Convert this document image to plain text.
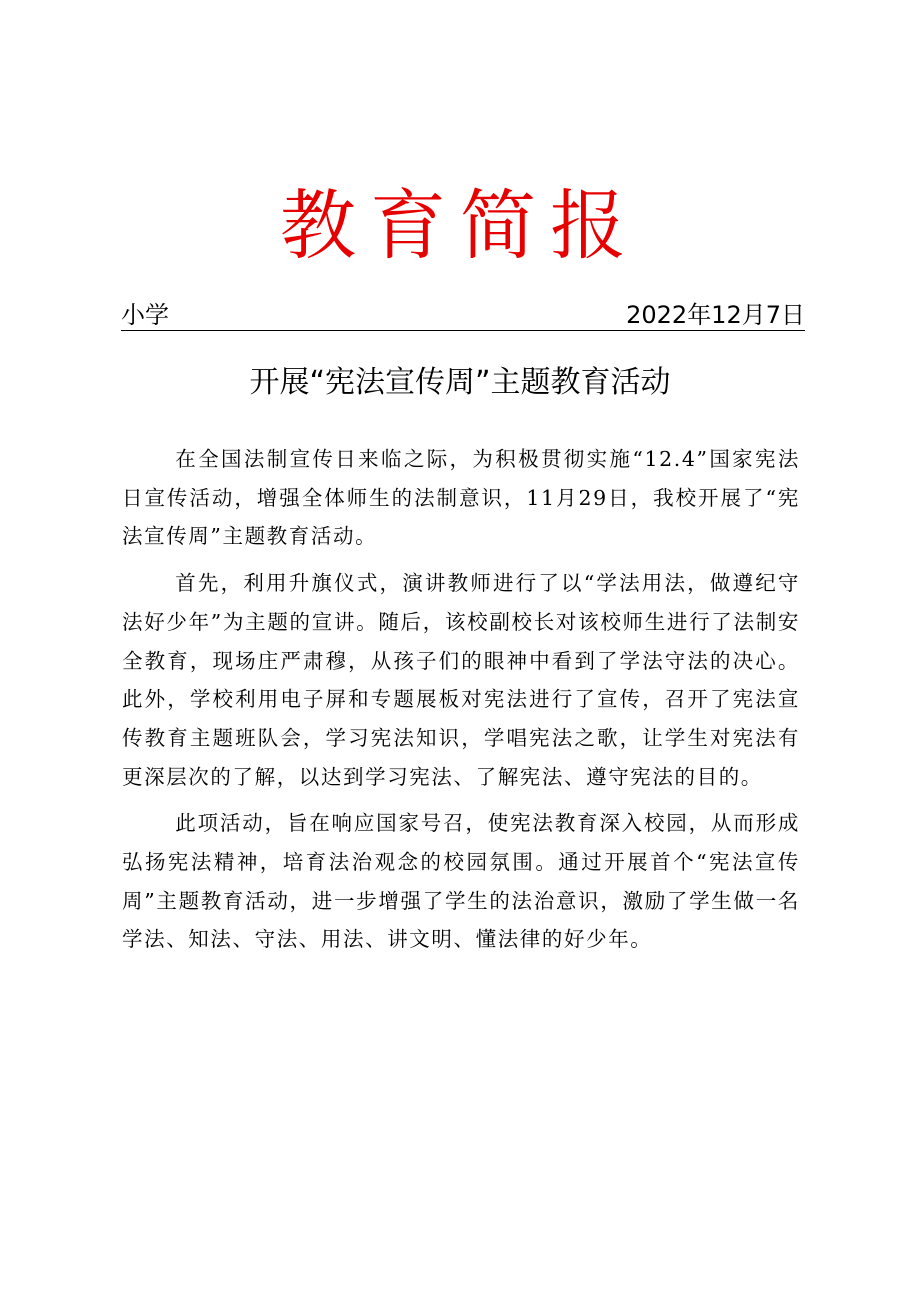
教育简报
小学	2022年12月7日
开展“宪法宣传周”主题教育活动

在全国法制宣传日来临之际，为积极贯彻实施“12.4”国家宪法日宣传活动，增强全体师生的法制意识，11月29日，我校开展了“宪法宣传周”主题教育活动。

首先，利用升旗仪式，演讲教师进行了以“学法用法，做遵纪守法好少年”为主题的宣讲。随后，该校副校长对该校师生进行了法制安全教育，现场庄严肃穆，从孩子们的眼神中看到了学法守法的决心。此外，学校利用电子屏和专题展板对宪法进行了宣传，召开了宪法宣传教育主题班队会，学习宪法知识，学唱宪法之歌，让学生对宪法有更深层次的了解，以达到学习宪法、了解宪法、遵守宪法的目的。

此项活动，旨在响应国家号召，使宪法教育深入校园，从而形成弘扬宪法精神，培育法治观念的校园氛围。通过开展首个“宪法宣传周”主题教育活动，进一步增强了学生的法治意识，激励了学生做一名学法、知法、守法、用法、讲文明、懂法律的好少年。
